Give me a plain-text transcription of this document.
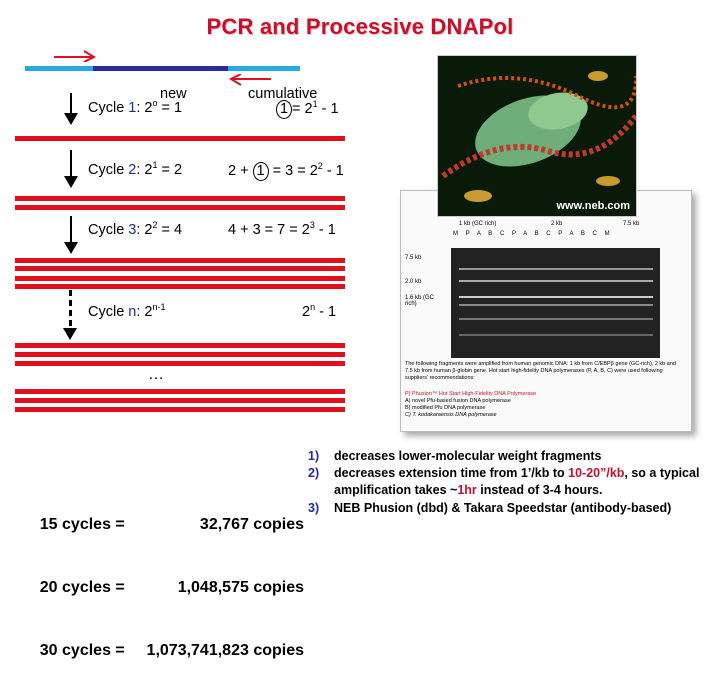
PCR and Processive DNAPol
new	cumulative
Cycle 1: $2^o = 1$	$1 = 2^1 - 1$
Cycle 2: $2^1 = 2$	$2 + 1 = 3 = 2^2 - 1$
Cycle 3: $2^2 = 4$	$4 + 3 = 7 = 2^3 - 1$
Cycle n: 2$^{n-1}$	2$^n$ - 1
…
1 kb (GC rich)	2 kb	7.5 kb
M P A B C P A B C P A B C M
7.5 kb
2.0 kb
1.6 kb (GC rich)
The following fragments were amplified from human genomic DNA: 1 kb from C/EBPβ gene (GC-rich), 2 kb and 7.5 kb from human β-globin gene. Hot start high-fidelity DNA polymerases (P, A, B, C) were used following suppliers' recommendations:
P) Phusion™ Hot Start High-Fidelity DNA Polymerase
A) novel Pfu-based fusion DNA polymerase
B) modified Pfu DNA polymerase
C) T. kodakaraensis DNA polymerase
www.neb.com

15 cycles =	32,767 copies

20 cycles =	1,048,575 copies

30 cycles = 1,073,741,823 copies

1)	decreases lower-molecular weight fragments
2)	decreases extension time from 1’/kb to 10-20”/kb, so a typical amplification takes ~1hr instead of 3-4 hours.
3)	NEB Phusion (dbd) & Takara Speedstar (antibody-based)
